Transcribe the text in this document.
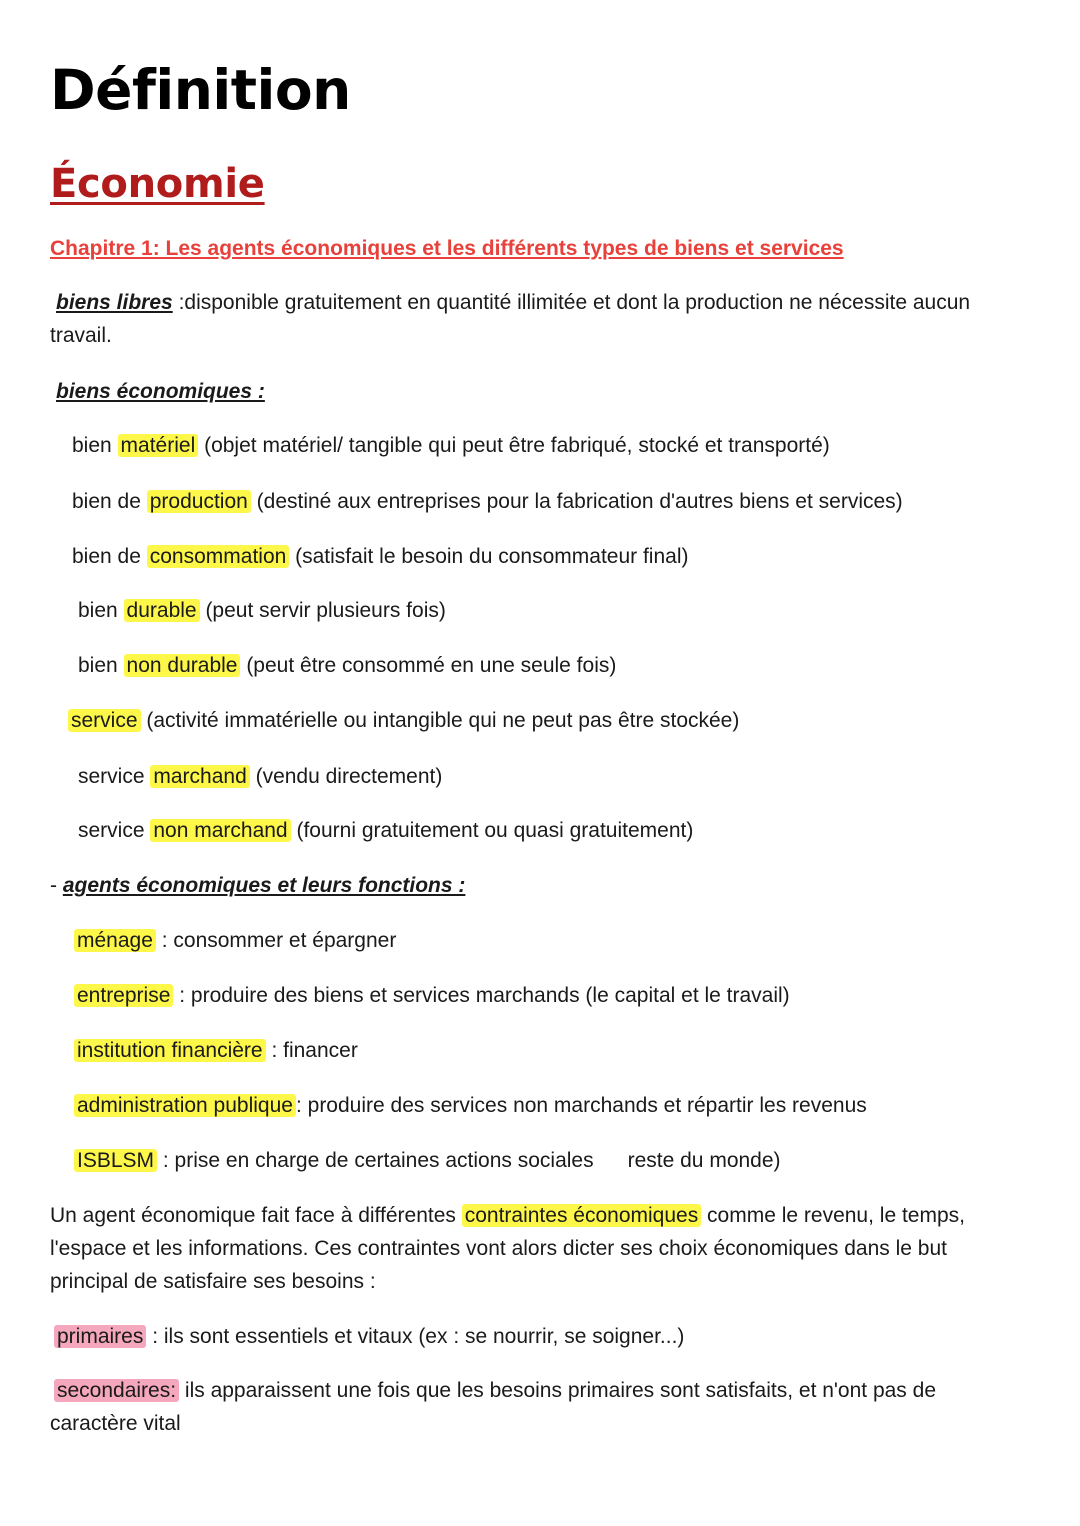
Définition
Économie
Chapitre 1: Les agents économiques et les différents types de biens et services
biens libres :disponible gratuitement en quantité illimitée et dont la production ne nécessite aucun travail.
biens économiques :
bien matériel (objet matériel/ tangible qui peut être fabriqué, stocké et transporté)
bien de production (destiné aux entreprises pour la fabrication d'autres biens et services)
bien de consommation (satisfait le besoin du consommateur final)
bien durable (peut servir plusieurs fois)
bien non durable (peut être consommé en une seule fois)
service (activité immatérielle ou intangible qui ne peut pas être stockée)
service marchand (vendu directement)
service non marchand (fourni gratuitement ou quasi gratuitement)
- agents économiques et leurs fonctions :
ménage : consommer et épargner
entreprise : produire des biens et services marchands (le capital et le travail)
institution financière : financer
administration publique : produire des services non marchands et répartir les revenus
ISBLSM : prise en charge de certaines actions sociales reste du monde)
Un agent économique fait face à différentes contraintes économiques comme le revenu, le temps, l'espace et les informations. Ces contraintes vont alors dicter ses choix économiques dans le but principal de satisfaire ses besoins :
primaires : ils sont essentiels et vitaux (ex : se nourrir, se soigner...)
secondaires: ils apparaissent une fois que les besoins primaires sont satisfaits, et n'ont pas de caractère vital
